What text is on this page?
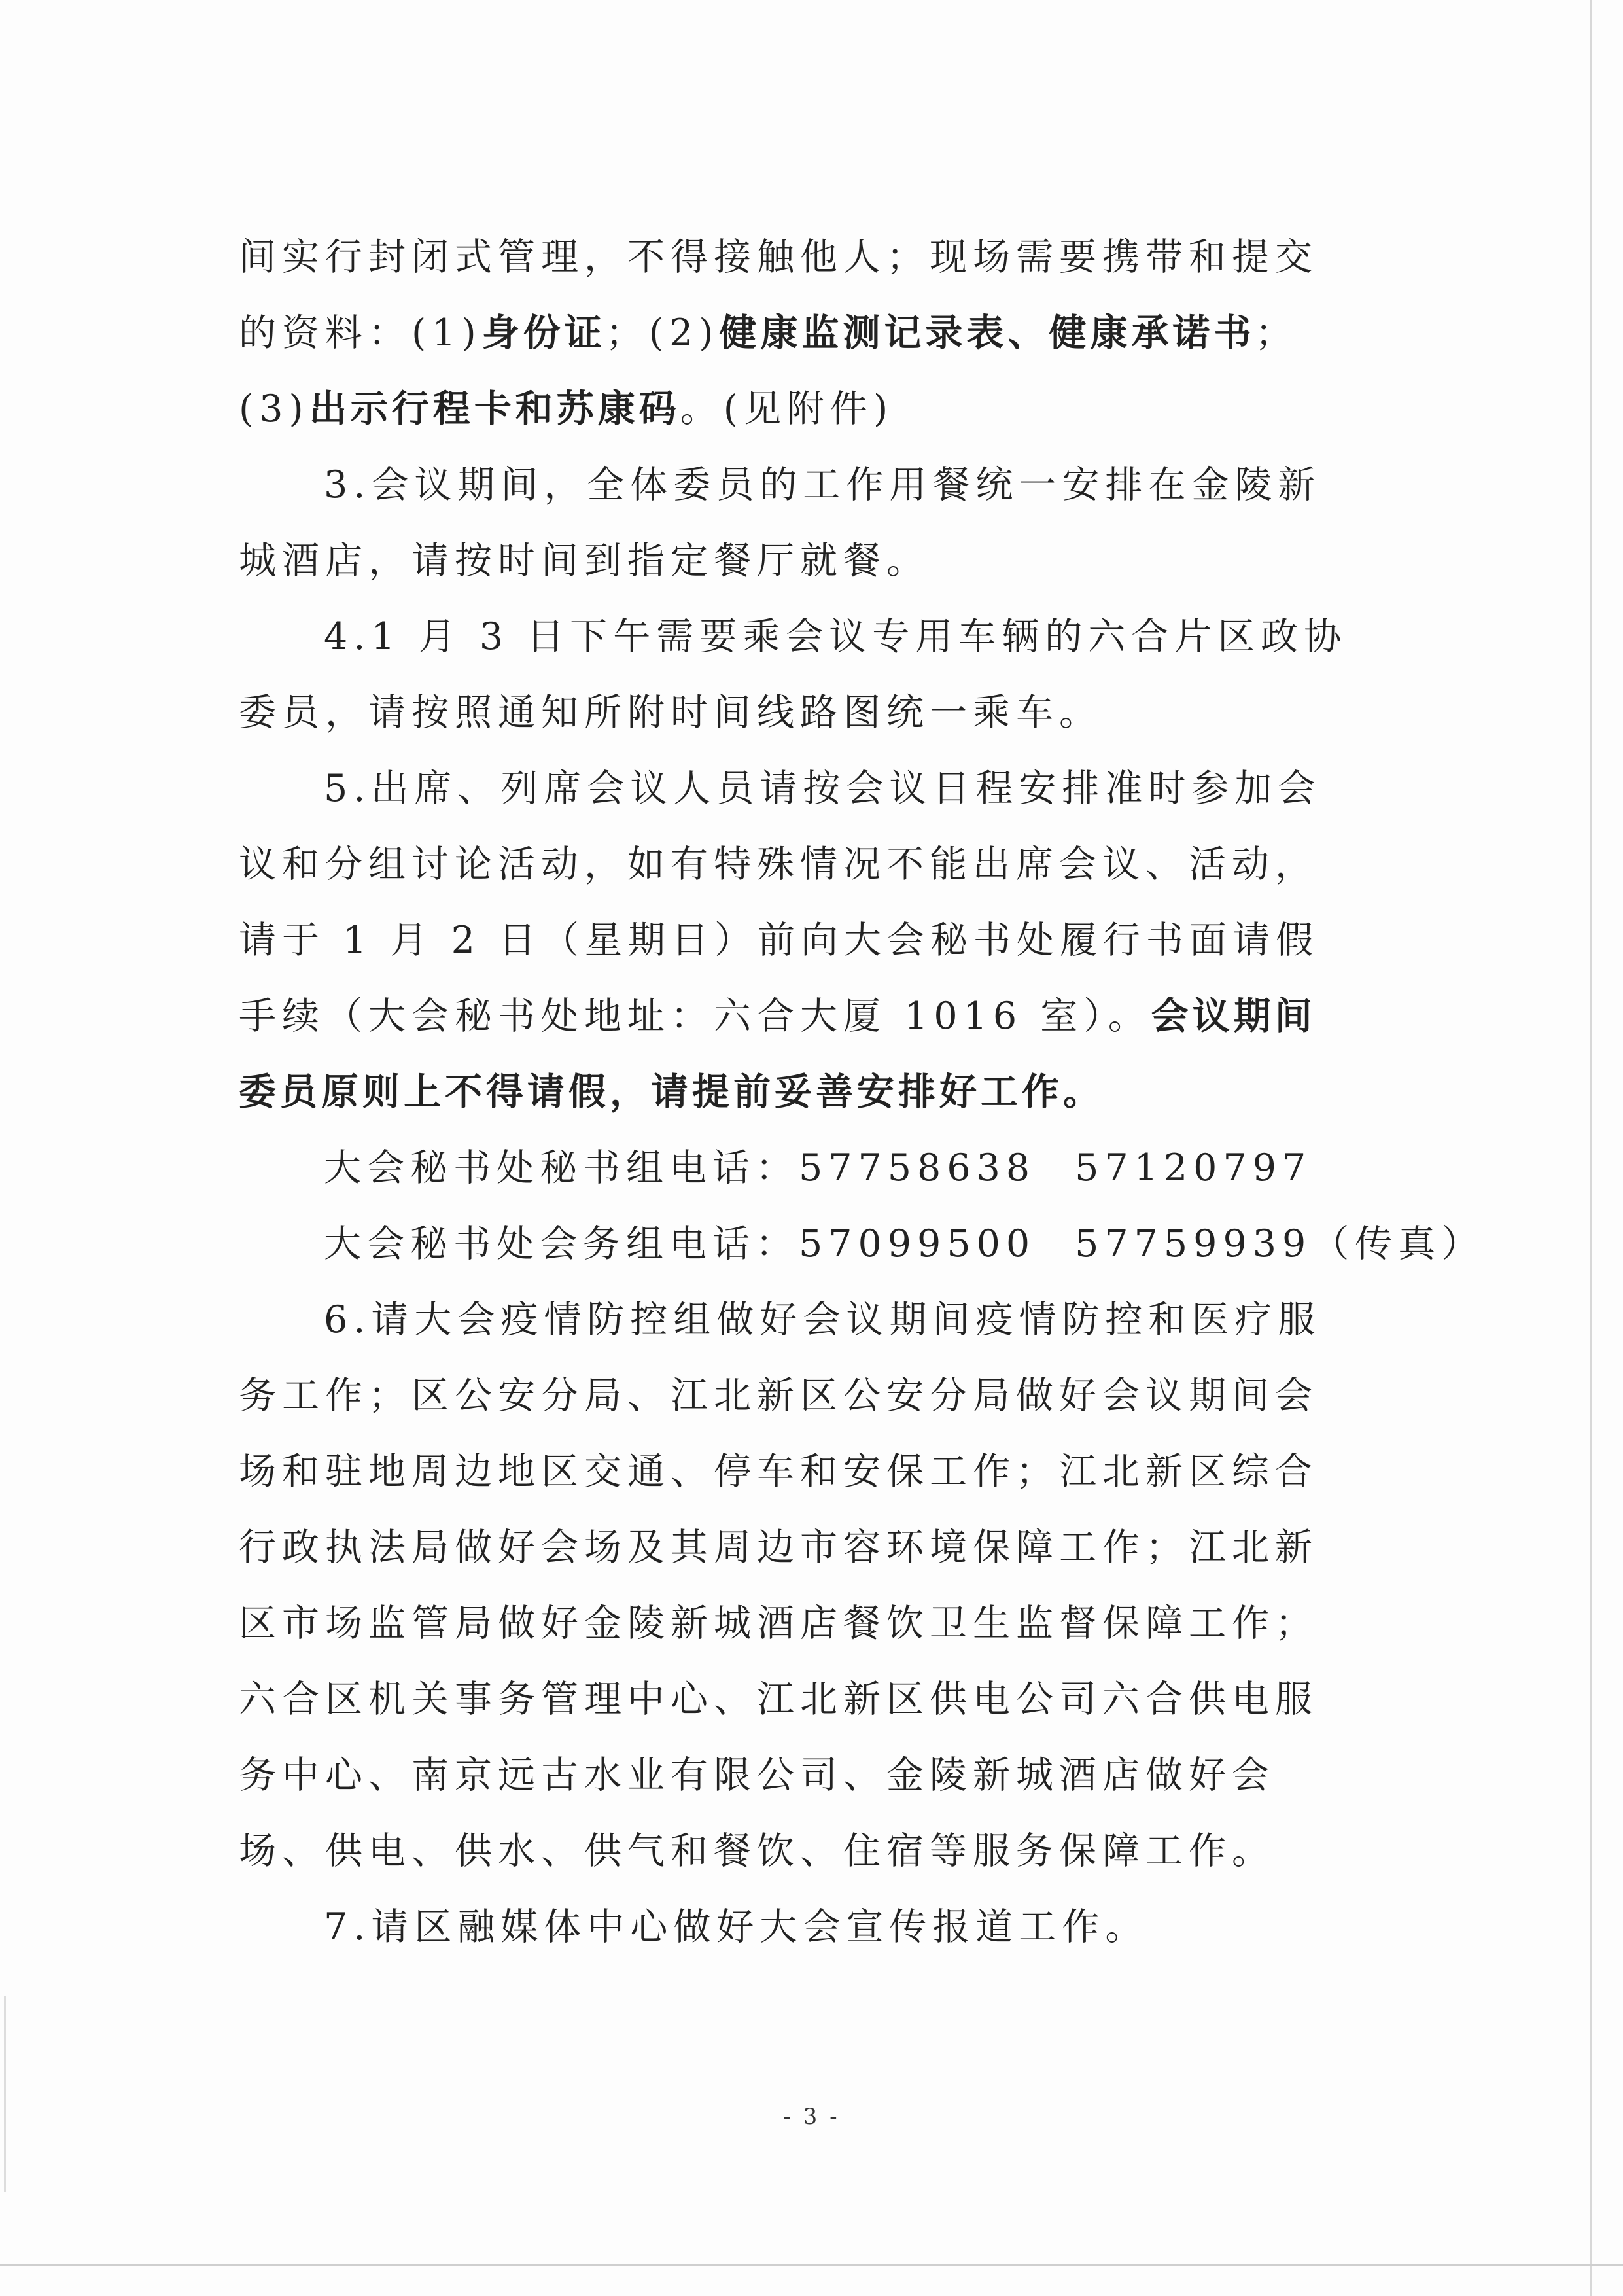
间实行封闭式管理，不得接触他人；现场需要携带和提交的资料：(1)身份证；(2)健康监测记录表、健康承诺书；(3)出示行程卡和苏康码。(见附件)

3.会议期间，全体委员的工作用餐统一安排在金陵新城酒店，请按时间到指定餐厅就餐。

4.1 月 3 日下午需要乘会议专用车辆的六合片区政协委员，请按照通知所附时间线路图统一乘车。

5.出席、列席会议人员请按会议日程安排准时参加会议和分组讨论活动，如有特殊情况不能出席会议、活动，请于 1 月 2 日（星期日）前向大会秘书处履行书面请假手续（大会秘书处地址：六合大厦 1016 室）。会议期间委员原则上不得请假，请提前妥善安排好工作。

大会秘书处秘书组电话：57758638 57120797

大会秘书处会务组电话：57099500 57759939（传真）

6.请大会疫情防控组做好会议期间疫情防控和医疗服务工作；区公安分局、江北新区公安分局做好会议期间会场和驻地周边地区交通、停车和安保工作；江北新区综合行政执法局做好会场及其周边市容环境保障工作；江北新区市场监管局做好金陵新城酒店餐饮卫生监督保障工作；六合区机关事务管理中心、江北新区供电公司六合供电服务中心、南京远古水业有限公司、金陵新城酒店做好会场、供电、供水、供气和餐饮、住宿等服务保障工作。

7.请区融媒体中心做好大会宣传报道工作。

- 3 -
